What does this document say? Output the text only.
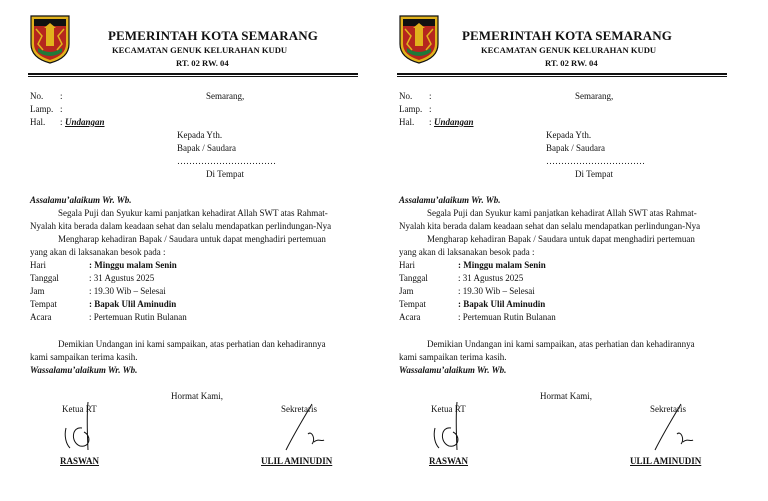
PEMERINTAH KOTA SEMARANG
KECAMATAN GENUK KELURAHAN KUDU
RT. 02 RW. 04
No. :	Semarang,
Lamp. :
Hal. : Undangan
Kepada Yth.
Bapak / Saudara
……………………………
Di Tempat
Assalamu’alaikum Wr. Wb.
Segala Puji dan Syukur kami panjatkan kehadirat Allah SWT atas Rahmat-
Nyalah kita berada dalam keadaan sehat dan selalu mendapatkan perlindungan-Nya
Mengharap kehadiran Bapak / Saudara untuk dapat menghadiri pertemuan
yang akan di laksanakan besok pada :
Hari	: Minggu malam Senin
Tanggal	: 31 Agustus 2025
Jam	: 19.30 Wib – Selesai
Tempat	: Bapak Ulil Aminudin
Acara	: Pertemuan Rutin Bulanan
Demikian Undangan ini kami sampaikan, atas perhatian dan kehadirannya
kami sampaikan terima kasih.
Wassalamu’alaikum Wr. Wb.
Hormat Kami,
Ketua RT	Sekretaris
RASWAN	ULIL AMINUDIN
PEMERINTAH KOTA SEMARANG
KECAMATAN GENUK KELURAHAN KUDU
RT. 02 RW. 04
No. :	Semarang,
Lamp. :
Hal. : Undangan
Kepada Yth.
Bapak / Saudara
……………………………
Di Tempat
Assalamu’alaikum Wr. Wb.
Segala Puji dan Syukur kami panjatkan kehadirat Allah SWT atas Rahmat-
Nyalah kita berada dalam keadaan sehat dan selalu mendapatkan perlindungan-Nya
Mengharap kehadiran Bapak / Saudara untuk dapat menghadiri pertemuan
yang akan di laksanakan besok pada :
Hari	: Minggu malam Senin
Tanggal	: 31 Agustus 2025
Jam	: 19.30 Wib – Selesai
Tempat	: Bapak Ulil Aminudin
Acara	: Pertemuan Rutin Bulanan
Demikian Undangan ini kami sampaikan, atas perhatian dan kehadirannya
kami sampaikan terima kasih.
Wassalamu’alaikum Wr. Wb.
Hormat Kami,
Ketua RT	Sekretaris
RASWAN	ULIL AMINUDIN
